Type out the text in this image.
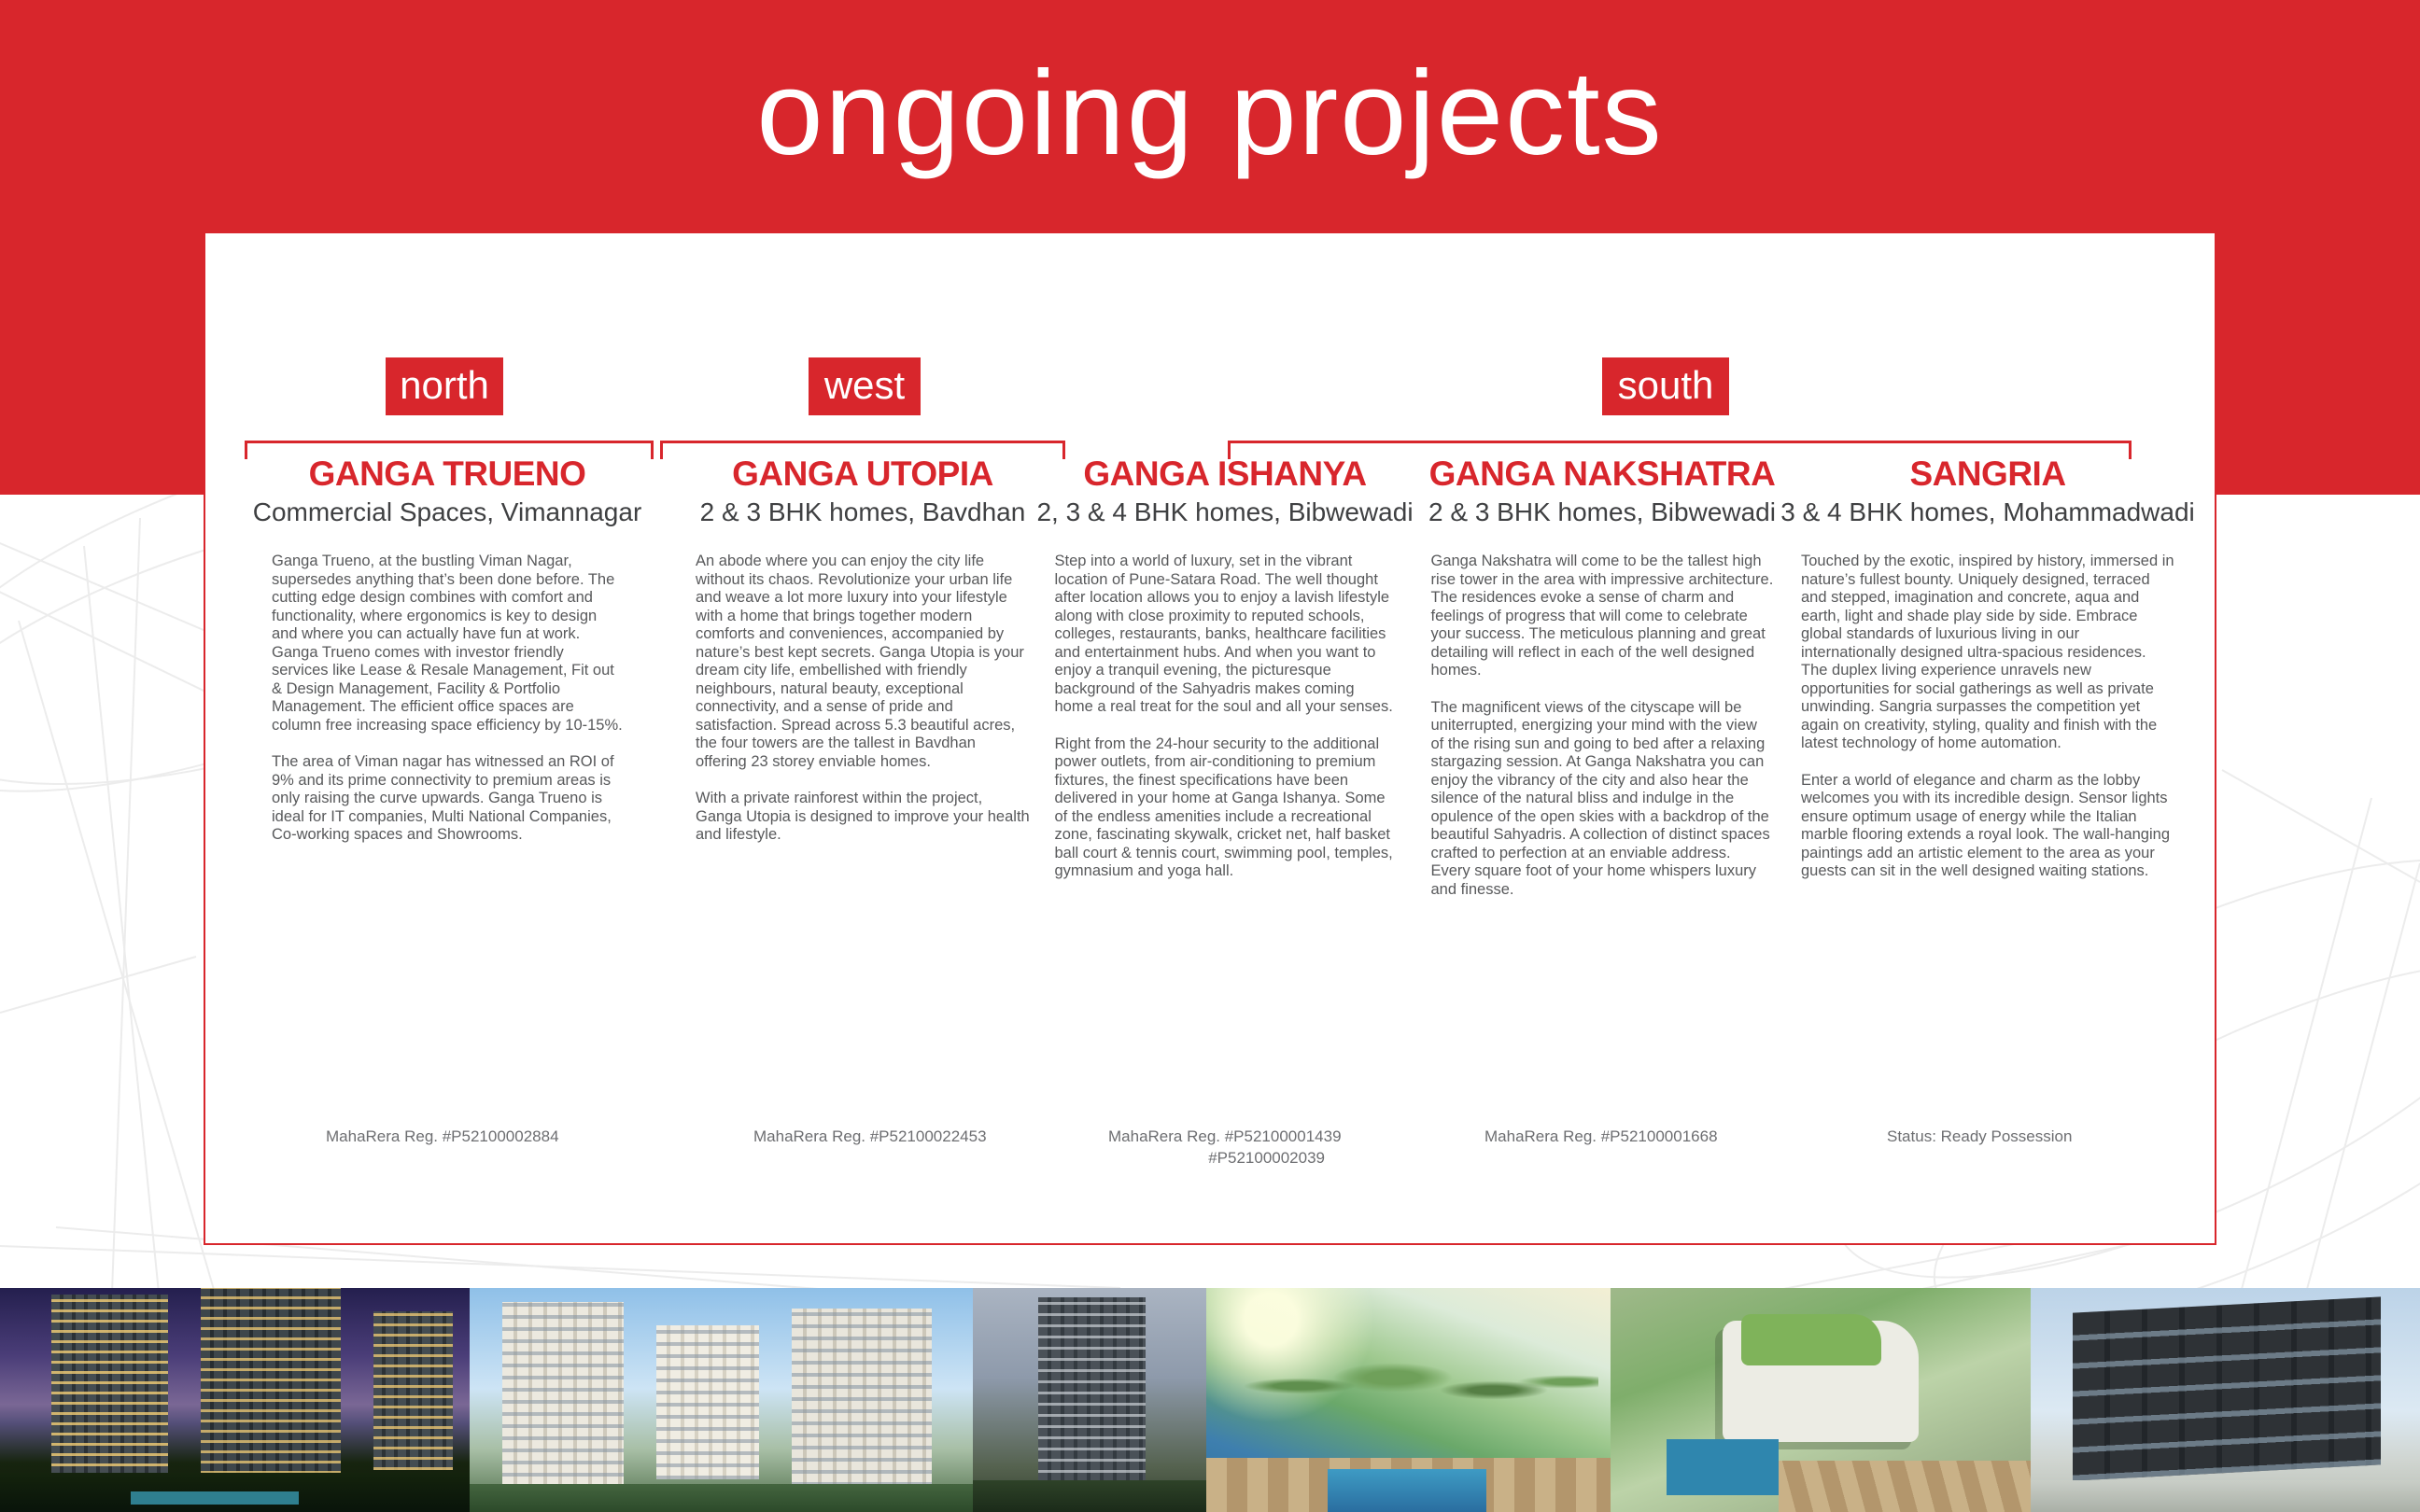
ongoing projects
north	west	south
GANGA TRUENO
Commercial Spaces, Vimannagar

Ganga Trueno, at the bustling Viman Nagar, supersedes anything that’s been done before. The cutting edge design combines with comfort and functionality, where ergonomics is key to design and where you can actually have fun at work. Ganga Trueno comes with investor friendly services like Lease & Resale Management, Fit out & Design Management, Facility & Portfolio Management. The efficient office spaces are column free increasing space efficiency by 10-15%.

The area of Viman nagar has witnessed an ROI of 9% and its prime connectivity to premium areas is only raising the curve upwards. Ganga Trueno is ideal for IT companies, Multi National Companies, Co-working spaces and Showrooms.

GANGA UTOPIA
2 & 3 BHK homes, Bavdhan

An abode where you can enjoy the city life without its chaos. Revolutionize your urban life and weave a lot more luxury into your lifestyle with a home that brings together modern comforts and conveniences, accompanied by nature’s best kept secrets. Ganga Utopia is your dream city life, embellished with friendly neighbours, natural beauty, exceptional connectivity, and a sense of pride and satisfaction. Spread across 5.3 beautiful acres, the four towers are the tallest in Bavdhan offering 23 storey enviable homes.

With a private rainforest within the project, Ganga Utopia is designed to improve your health and lifestyle.

GANGA ISHANYA
2, 3 & 4 BHK homes, Bibwewadi

Step into a world of luxury, set in the vibrant location of Pune-Satara Road. The well thought after location allows you to enjoy a lavish lifestyle along with close proximity to reputed schools, colleges, restaurants, banks, healthcare facilities and entertainment hubs. And when you want to enjoy a tranquil evening, the picturesque background of the Sahyadris makes coming home a real treat for the soul and all your senses.

Right from the 24-hour security to the additional power outlets, from air-conditioning to premium fixtures, the finest specifications have been delivered in your home at Ganga Ishanya. Some of the endless amenities include a recreational zone, fascinating skywalk, cricket net, half basket ball court & tennis court, swimming pool, temples, gymnasium and yoga hall.

GANGA NAKSHATRA
2 & 3 BHK homes, Bibwewadi

Ganga Nakshatra will come to be the tallest high rise tower in the area with impressive architecture. The residences evoke a sense of charm and feelings of progress that will come to celebrate your success. The meticulous planning and great detailing will reflect in each of the well designed homes.

The magnificent views of the cityscape will be uniterrupted, energizing your mind with the view of the rising sun and going to bed after a relaxing stargazing session. At Ganga Nakshatra you can enjoy the vibrancy of the city and also hear the silence of the natural bliss and indulge in the opulence of the open skies with a backdrop of the beautiful Sahyadris. A collection of distinct spaces crafted to perfection at an enviable address. Every square foot of your home whispers luxury and finesse.

SANGRIA
3 & 4 BHK homes, Mohammadwadi

Touched by the exotic, inspired by history, immersed in nature’s fullest bounty. Uniquely designed, terraced and stepped, imagination and concrete, aqua and earth, light and shade play side by side. Embrace global standards of luxurious living in our internationally designed ultra-spacious residences. The duplex living experience unravels new opportunities for social gatherings as well as private unwinding. Sangria surpasses the competition yet again on creativity, styling, quality and finish with the latest technology of home automation.

Enter a world of elegance and charm as the lobby welcomes you with its incredible design. Sensor lights ensure optimum usage of energy while the Italian marble flooring extends a royal look. The wall-hanging paintings add an artistic element to the area as your guests can sit in the well designed waiting stations.

MahaRera Reg. #P52100002884	MahaRera Reg. #P52100022453	MahaRera Reg. #P52100001439
#P52100002039
MahaRera Reg. #P52100001668	Status: Ready Possession
